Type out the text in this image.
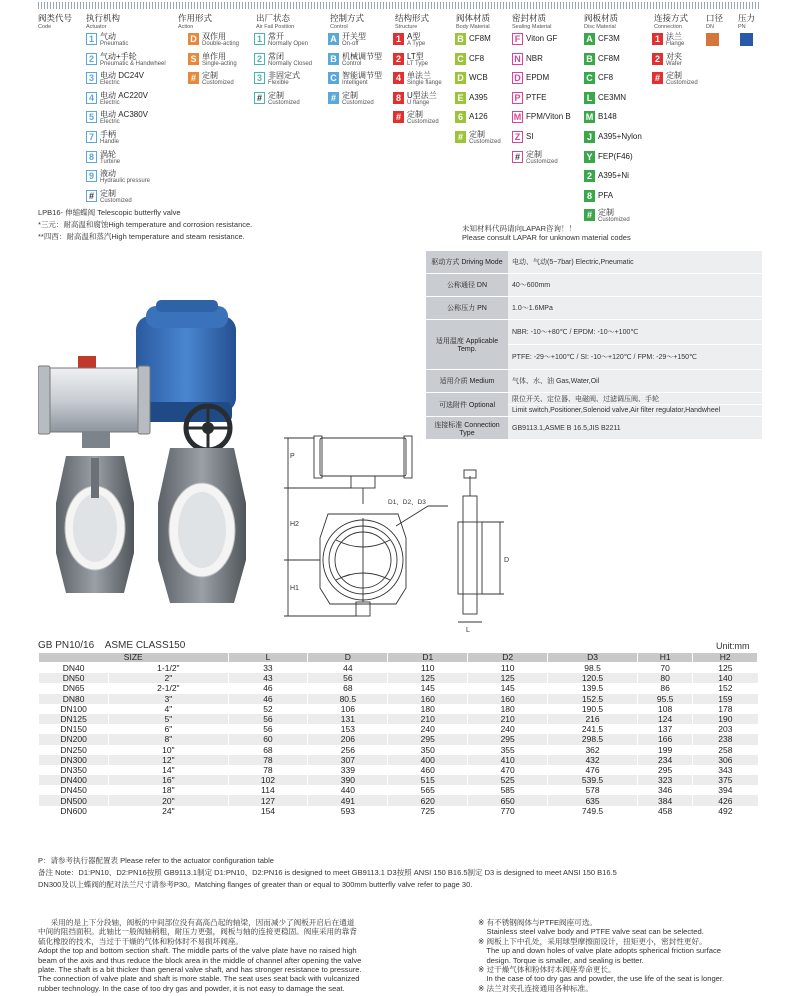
阀类代号
Code
执行机构
Actuator
作用形式
Action
出厂状态
Air Fail Position
控制方式
Control
结构形式
Structure
阀体材质
Body Material
密封材质
Sealing Material
阀板材质
Disc Material
连接方式
Connection
口径
DN
压力
PN
1 气动
Pneumatic
2 气动+手轮
Pneumatic & Handwheel
3 电动 DC24V
Electric
4 电动 AC220V
Electric
5 电动 AC380V
Electric
7 手柄
Handle
8 涡轮
Turbine
9 液动
Hydraulic pressure
# 定制
Customized
D 双作用
Double-acting
S 单作用
Single-acting
# 定制
Customized
1 常开
Normally Open
2 常闭
Normally Closed
3 非固定式
Flexible
# 定制
Customized
A 开关型
On-off
B 机械调节型
Control
C 智能调节型
Intelligent
# 定制
Customized
1 A型
A Type
2 LT型
LT Type
4 单法兰
Single flange
8 U型法兰
U flange
# 定制
Customized
B CF8M
C CF8
D WCB
E A395
6 A126
# 定制
Customized
F Viton GF
N NBR
D EPDM
P PTFE
M FPM/Viton B
Z SI
# 定制
Customized
A CF3M
B CF8M
C CF8
L CE3MN
M B148
J A395+Nylon
Y FEP(F46)
2 A395+Ni
8 PFA
# 定制
Customized
1 法兰
Flange
2 对夹
Wafer
# 定制
Customized
LPB16- 伸缩蝶阀 Telescopic butterfly valve
*三元：耐高温和腐蚀High temperature and corrosion resistance.
**四西：耐高温和蒸汽High temperature and steam resistance.
未知材料代码请向LAPAR咨询！！
Please consult LAPAR for unknown material codes
驱动方式 Driving Mode	电动、气动(5~7bar) Electric,Pneumatic
公称通径 DN	40～600mm
公称压力 PN	1.0～1.6MPa
适用温度 Applicable Temp.	NBR: -10～+80℃ / EPDM: -10～+100℃
	PTFE: -29～+100℃ / SI: -10～+120℃ / FPM: -29～+150℃
适用介质 Medium	气体、水、油 Gas,Water,Oil
可选附件 Optional	限位开关、定位器、电磁阀、过滤调压阀、手轮
	Limit switch,Positioner,Solenoid valve,Air filter regulator,Handwheel
连接标准 Connection Type	GB9113.1,ASME B 16.5,JIS B2211
P
H2
H1
D1、D2、D3
D
L
GB PN10/16    ASME CLASS150	Unit:mm
SIZE		L	D	D1	D2	D3	H1	H2
DN40	1-1/2"	33	44	110	110	98.5	70	125
DN50	2"	43	56	125	125	120.5	80	140
DN65	2-1/2"	46	68	145	145	139.5	86	152
DN80	3"	46	80.5	160	160	152.5	95.5	159
DN100	4"	52	106	180	180	190.5	108	178
DN125	5"	56	131	210	210	216	124	190
DN150	6"	56	153	240	240	241.5	137	203
DN200	8"	60	206	295	295	298.5	166	238
DN250	10"	68	256	350	355	362	199	258
DN300	12"	78	307	400	410	432	234	306
DN350	14"	78	339	460	470	476	295	343
DN400	16"	102	390	515	525	539.5	323	375
DN450	18"	114	440	565	585	578	346	394
DN500	20"	127	491	620	650	635	384	426
DN600	24"	154	593	725	770	749.5	458	492
P：请参考执行器配置表 Please refer to the actuator configuration table
备注 Note：D1:PN10、D2:PN16按照 GB9113.1制定 D1:PN10、D2:PN16 is designed to meet GB9113.1 D3按照 ANSI 150 B16.5制定 D3 is designed to meet ANSI 150 B16.5
DN300及以上蝶阀的配对法兰尺寸请参考P30。Matching flanges of greater than or equal to 300mm butterfly valve refer to page 30.
采用的是上下分段轴，阀板的中间部位没有高高凸起的轴梁，因而减少了阀板开启后在通道
中间的阻挡面积。此轴比一般阀轴稍粗，耐压力更强，阀板与轴的连接更稳固。阀座采用的靠背
硫化橡胶的技术，当过于干燥的气体和粉体时不易损坏阀座。
Adopt the top and bottom section shaft. The middle parts of the valve plate have no raised high
beam of the axis and thus reduce the block area in the middle of channel after opening the valve
plate. The shaft is a bit thicker than general valve shaft, and has stronger resistance to pressure.
The connection of valve plate and shaft is more stable. The seat uses seat back with vulcanized
rubber technology. In the case of too dry gas and powder, it is not easy to damage the seat.
※ 有不锈钢阀体与PTFE阀座可选。
Stainless steel valve body and PTFE valve seat can be selected.
※ 阀板上下中孔处，采用球型摩擦面设计，扭矩更小，密封性更好。
The up and down holes of valve plate adopts spherical friction surface
design. Torque is smaller, and sealing is better.
※ 过干燥气体和粉体时本阀座寿命更长。
In the case of too dry gas and powder, the use life of the seat is longer.
※ 法兰对夹孔连接通用各种标准。
